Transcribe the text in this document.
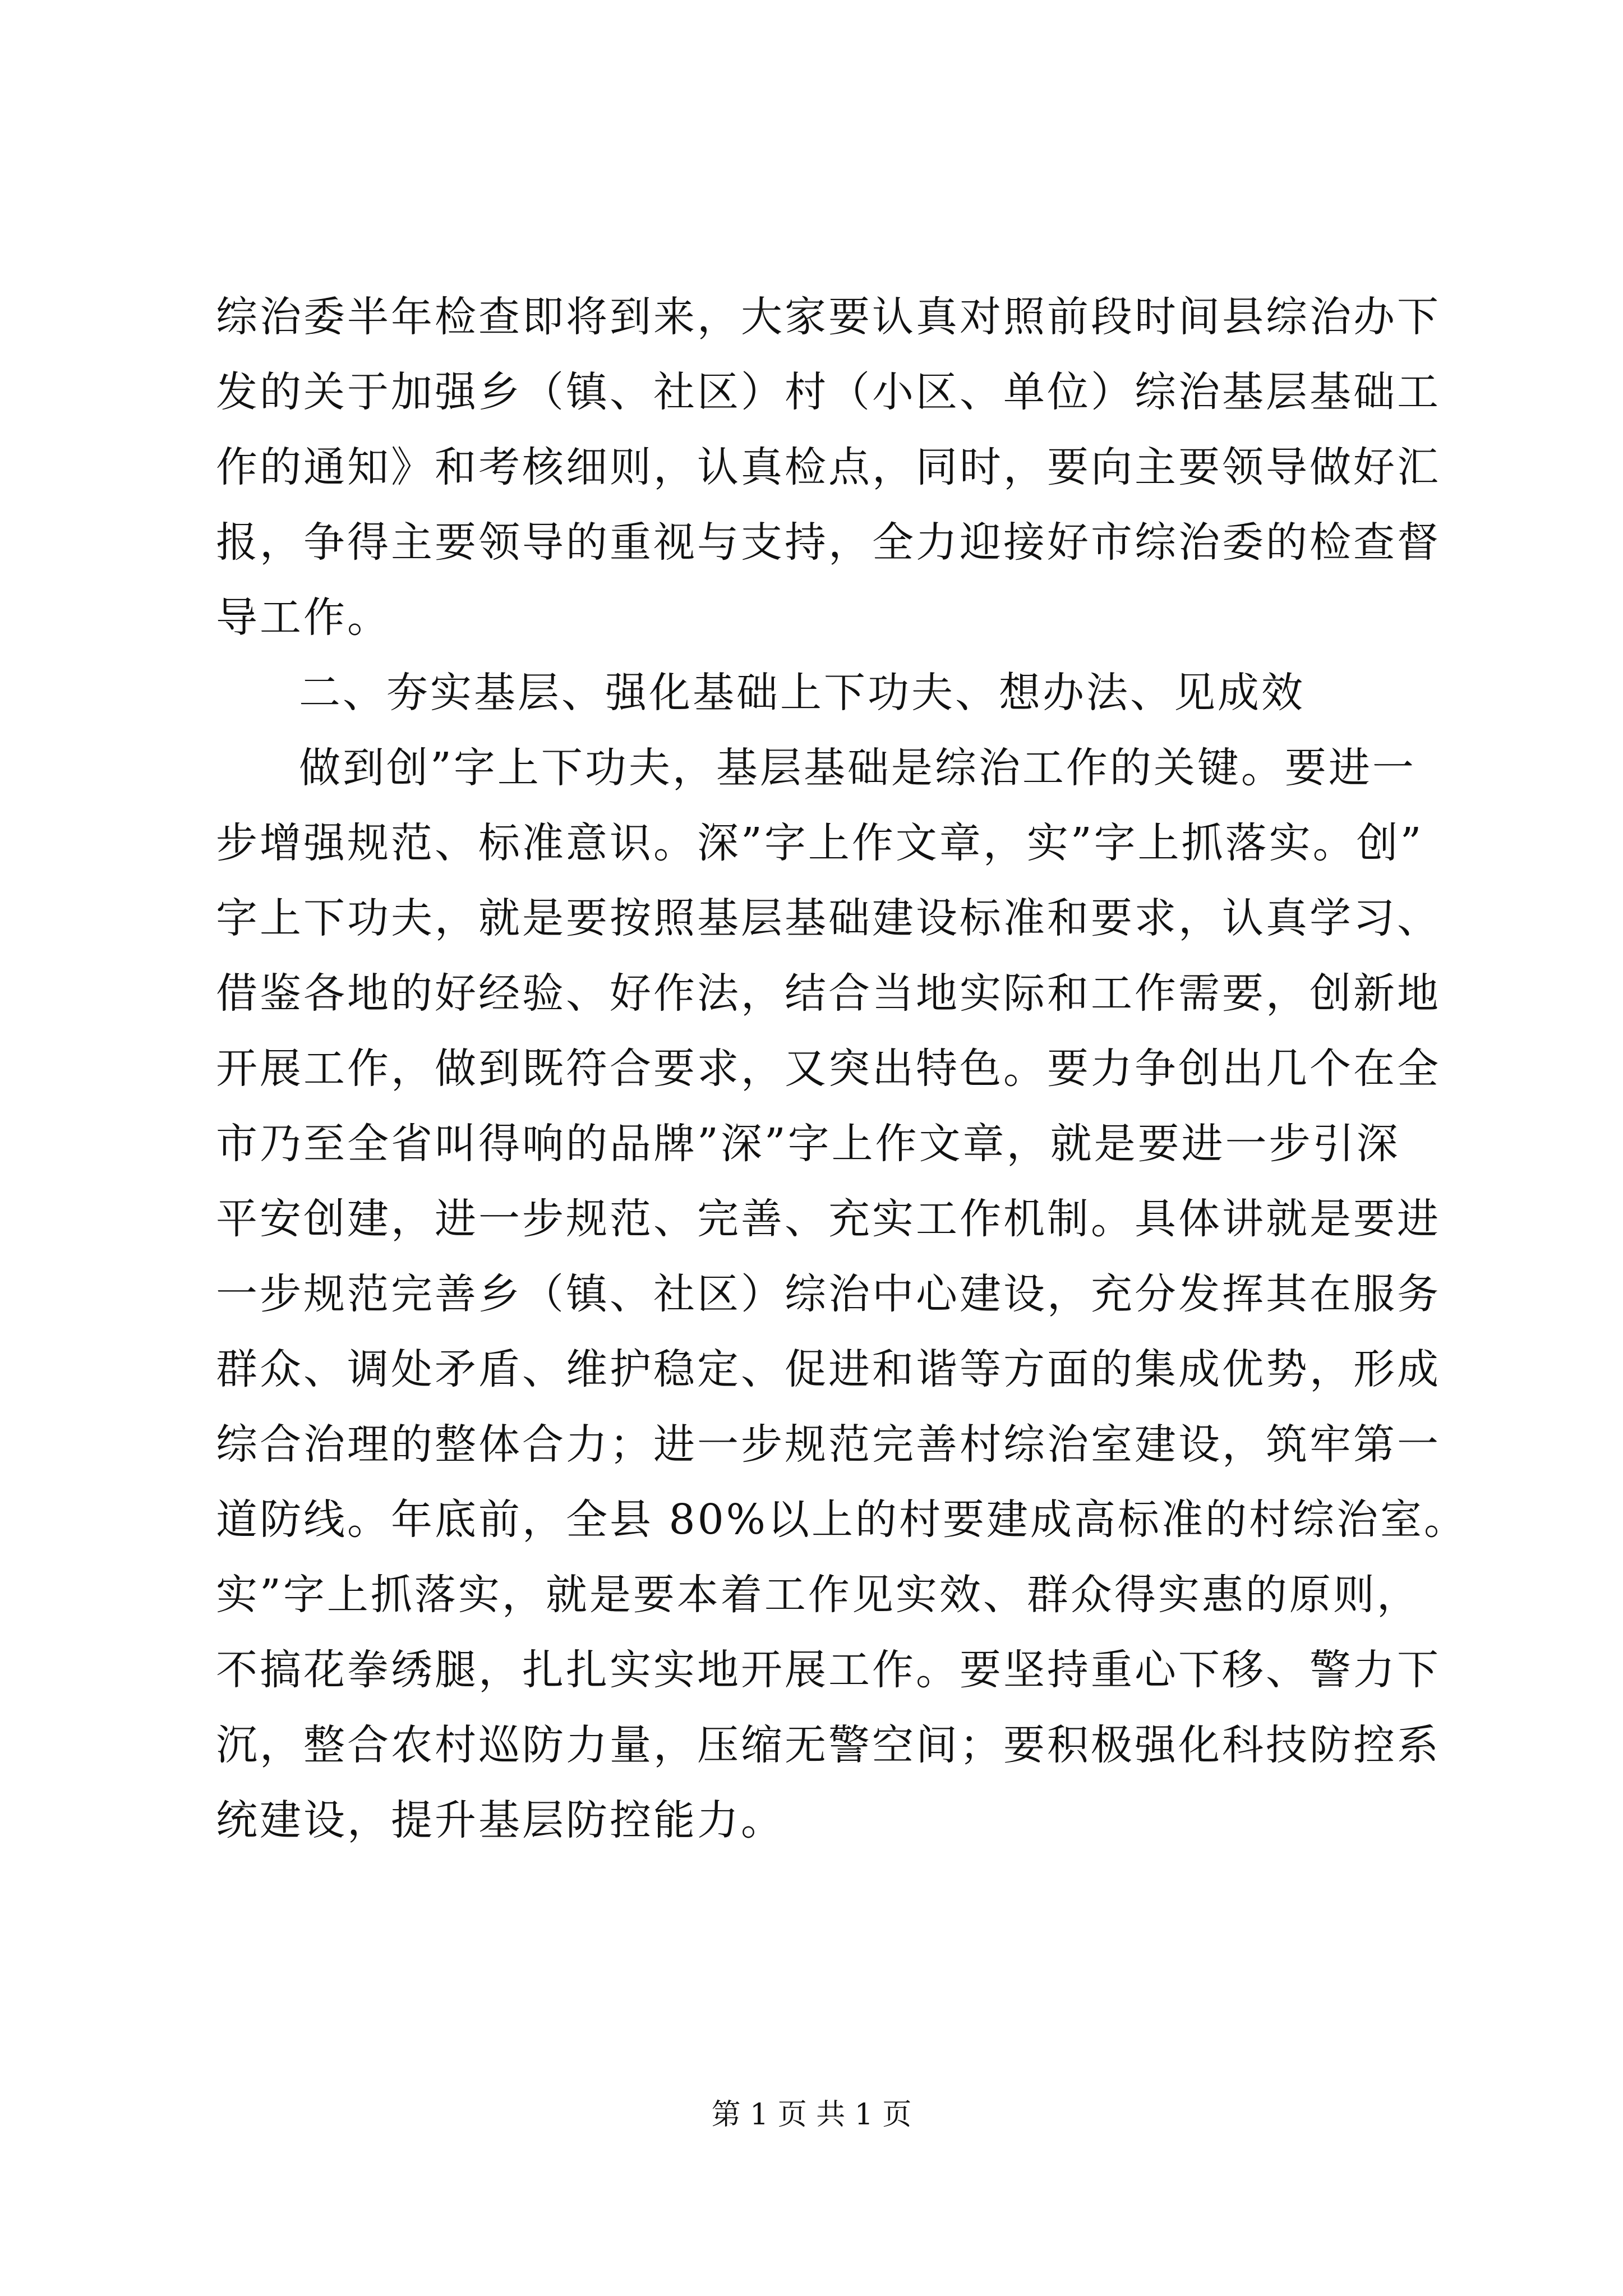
综治委半年检查即将到来，大家要认真对照前段时间县综治办下
发的关于加强乡（镇、社区）村（小区、单位）综治基层基础工
作的通知》和考核细则，认真检点，同时，要向主要领导做好汇
报，争得主要领导的重视与支持，全力迎接好市综治委的检查督
导工作。
二、夯实基层、强化基础上下功夫、想办法、见成效
做到创”字上下功夫，基层基础是综治工作的关键。要进一
步增强规范、标准意识。深”字上作文章，实”字上抓落实。创”
字上下功夫，就是要按照基层基础建设标准和要求，认真学习、
借鉴各地的好经验、好作法，结合当地实际和工作需要，创新地
开展工作，做到既符合要求，又突出特色。要力争创出几个在全
市乃至全省叫得响的品牌”深”字上作文章，就是要进一步引深
平安创建，进一步规范、完善、充实工作机制。具体讲就是要进
一步规范完善乡（镇、社区）综治中心建设，充分发挥其在服务
群众、调处矛盾、维护稳定、促进和谐等方面的集成优势，形成
综合治理的整体合力；进一步规范完善村综治室建设，筑牢第一
道防线。年底前，全县 80%以上的村要建成高标准的村综治室。
实”字上抓落实，就是要本着工作见实效、群众得实惠的原则，
不搞花拳绣腿，扎扎实实地开展工作。要坚持重心下移、警力下
沉，整合农村巡防力量，压缩无警空间；要积极强化科技防控系
统建设，提升基层防控能力。
第 1 页 共 1 页
